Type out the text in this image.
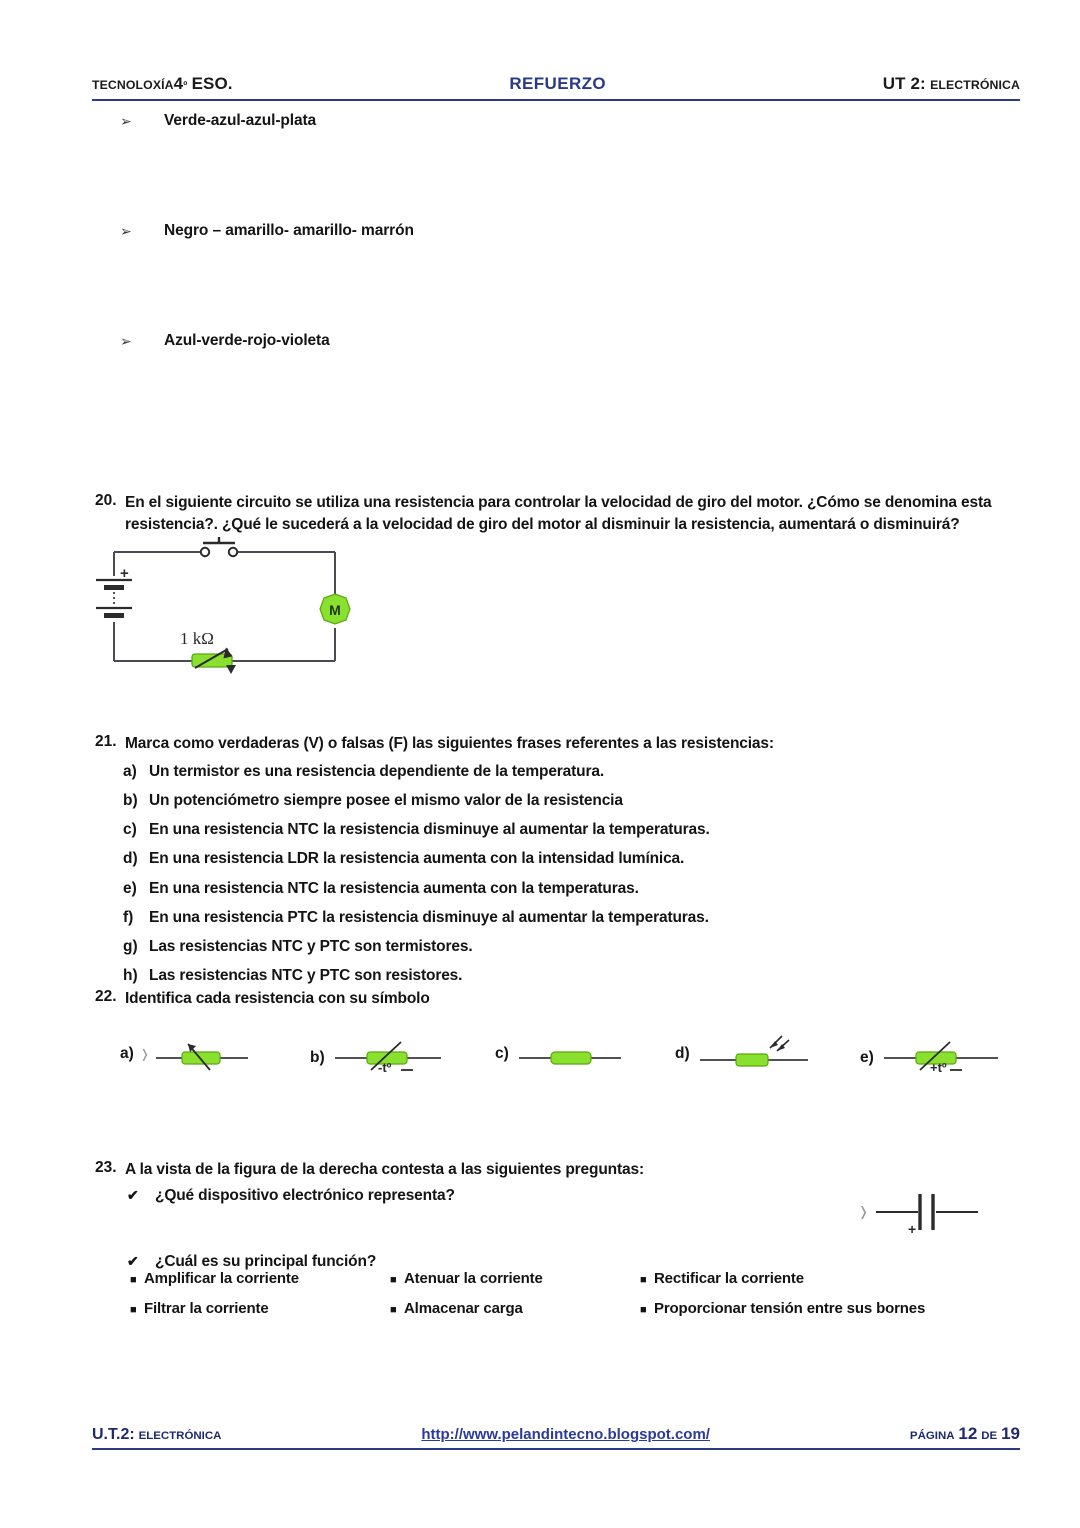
TECNOLOXÍA4º ESO.	REFUERZO	UT 2: ELECTRÓNICA
➢	Verde-azul-azul-plata
➢	Negro – amarillo- amarillo- marrón
➢	Azul-verde-rojo-violeta
20. En el siguiente circuito se utiliza una resistencia para controlar la velocidad de giro del motor. ¿Cómo se denomina esta resistencia?. ¿Qué le sucederá a la velocidad de giro del motor al disminuir la resistencia, aumentará o disminuirá?
+
M
1 kΩ
21. Marca como verdaderas (V) o falsas (F) las siguientes frases referentes a las resistencias:
a) Un termistor es una resistencia dependiente de la temperatura.
b) Un potenciómetro siempre posee el mismo valor de la resistencia
c) En una resistencia NTC la resistencia disminuye al aumentar la temperaturas.
d) En una resistencia LDR la resistencia aumenta con la intensidad lumínica.
e) En una resistencia NTC la resistencia aumenta con la temperaturas.
f)	En una resistencia PTC la resistencia disminuye al aumentar la temperaturas.
g) Las resistencias NTC y PTC son termistores.
h) Las resistencias NTC y PTC son resistores.
22. Identifica cada resistencia con su símbolo
a) ❭	b)	c)	d)	e)
-tº	+tº
23. A la vista de la figura de la derecha contesta a las siguientes preguntas:
✔	¿Qué dispositivo electrónico representa?
✔	¿Cuál es su principal función?
❭
+
■ Amplificar la corriente	■ Atenuar la corriente	■ Rectificar la corriente
■ Filtrar la corriente	■ Almacenar carga	■ Proporcionar tensión entre sus bornes
U.T.2: ELECTRÓNICA	http://www.pelandintecno.blogspot.com/	PÁGINA 12 DE 19
